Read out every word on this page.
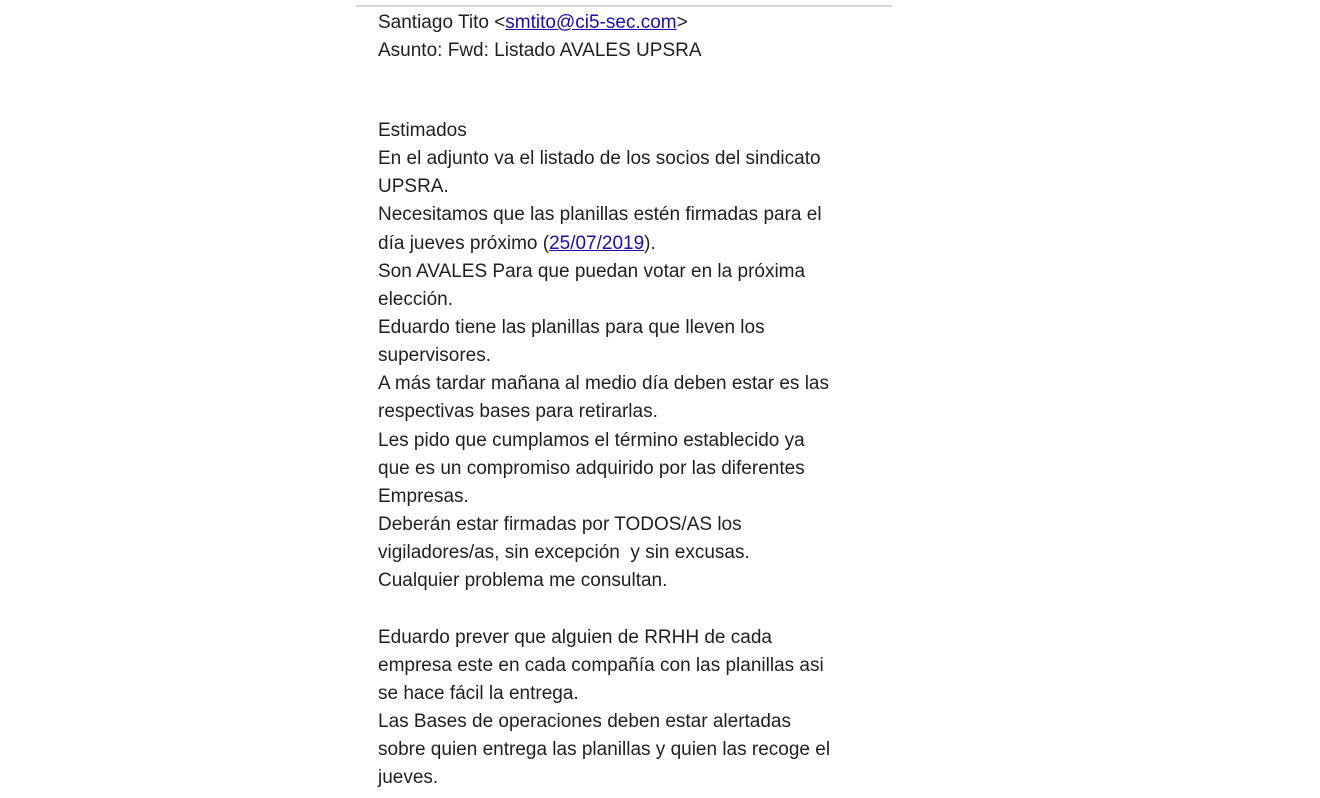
Santiago Tito <smtito@ci5-sec.com>
Asunto: Fwd: Listado AVALES UPSRA
Estimados
En el adjunto va el listado de los socios del sindicato
UPSRA.
Necesitamos que las planillas estén firmadas para el
día jueves próximo (25/07/2019).
Son AVALES Para que puedan votar en la próxima
elección.
Eduardo tiene las planillas para que lleven los
supervisores.
A más tardar mañana al medio día deben estar es las
respectivas bases para retirarlas.
Les pido que cumplamos el término establecido ya
que es un compromiso adquirido por las diferentes
Empresas.
Deberán estar firmadas por TODOS/AS los
vigiladores/as, sin excepción  y sin excusas.
Cualquier problema me consultan.
Eduardo prever que alguien de RRHH de cada
empresa este en cada compañía con las planillas asi
se hace fácil la entrega.
Las Bases de operaciones deben estar alertadas
sobre quien entrega las planillas y quien las recoge el
jueves.
